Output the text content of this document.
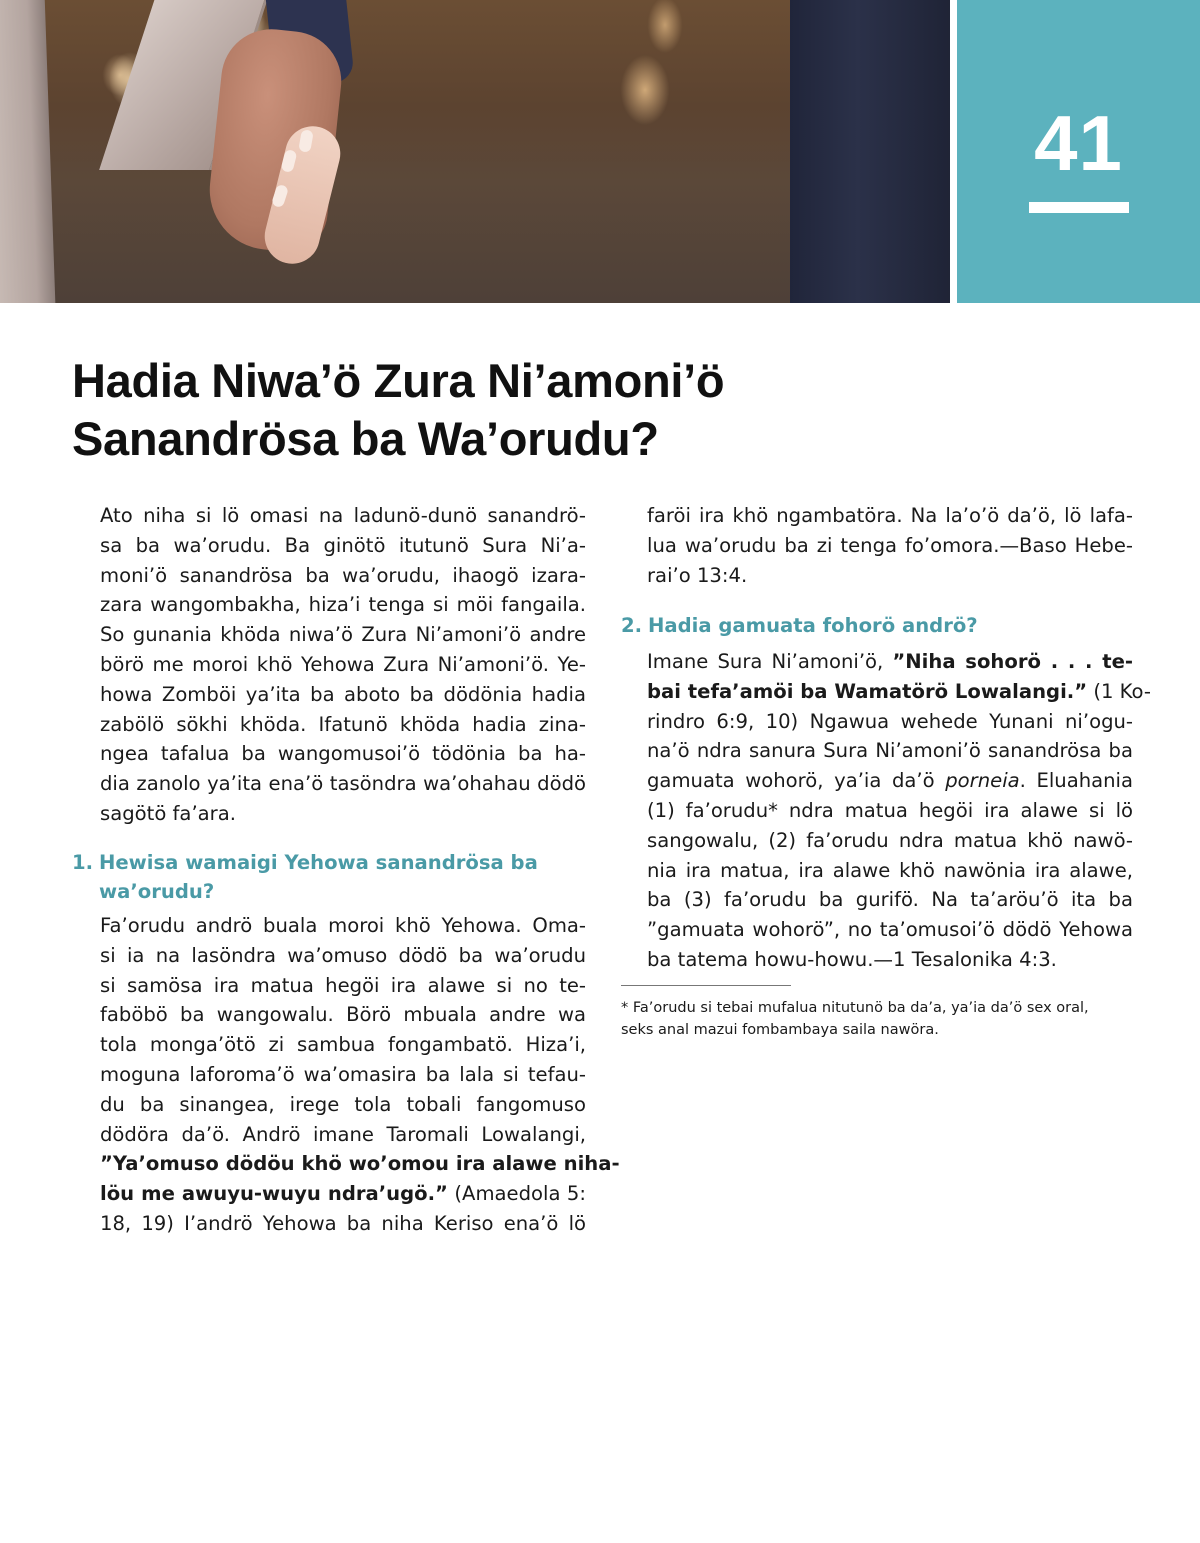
41
Hadia Niwa’ö Zura Ni’amoni’ö
Sanandrösa ba Wa’orudu?
Ato niha si lö omasi na ladunö-dunö sanandrö-
sa ba wa’orudu. Ba ginötö itutunö Sura Ni’a-
moni’ö sanandrösa ba wa’orudu, ihaogö izara-
zara wangombakha, hiza’i tenga si möi fangaila.
So gunania khöda niwa’ö Zura Ni’amoni’ö andre
börö me moroi khö Yehowa Zura Ni’amoni’ö. Ye-
howa Zomböi ya’ita ba aboto ba dödönia hadia
zabölö sökhi khöda. Ifatunö khöda hadia zina-
ngea tafalua ba wangomusoi’ö tödönia ba ha-
dia zanolo ya’ita ena’ö tasöndra wa’ohahau dödö
sagötö fa’ara.
1. Hewisa wamaigi Yehowa sanandrösa ba
wa’orudu?
Fa’orudu andrö buala moroi khö Yehowa. Oma-
si ia na lasöndra wa’omuso dödö ba wa’orudu
si samösa ira matua hegöi ira alawe si no te-
faböbö ba wangowalu. Börö mbuala andre wa
tola monga’ötö zi sambua fongambatö. Hiza’i,
moguna laforoma’ö wa’omasira ba lala si tefau-
du ba sinangea, irege tola tobali fangomuso
dödöra da’ö. Andrö imane Taromali Lowalangi,
”Ya’omuso dödöu khö wo’omou ira alawe niha-
löu me awuyu-wuyu ndra’ugö.” (Amaedola 5:
18, 19) I’andrö Yehowa ba niha Keriso ena’ö lö
faröi ira khö ngambatöra. Na la’o’ö da’ö, lö lafa-
lua wa’orudu ba zi tenga fo’omora.—Baso Hebe-
rai’o 13:4.
2. Hadia gamuata fohorö andrö?
Imane Sura Ni’amoni’ö, ”Niha sohorö . . . te-
bai tefa’amöi ba Wamatörö Lowalangi.” (1 Ko-
rindro 6:9, 10) Ngawua wehede Yunani ni’ogu-
na’ö ndra sanura Sura Ni’amoni’ö sanandrösa ba
gamuata wohorö, ya’ia da’ö porneia. Eluahania
(1) fa’orudu* ndra matua hegöi ira alawe si lö
sangowalu, (2) fa’orudu ndra matua khö nawö-
nia ira matua, ira alawe khö nawönia ira alawe,
ba (3) fa’orudu ba gurifö. Na ta’aröu’ö ita ba
”gamuata wohorö”, no ta’omusoi’ö dödö Yehowa
ba tatema howu-howu.—1 Tesalonika 4:3.
* Fa’orudu si tebai mufalua nitutunö ba da’a, ya’ia da’ö sex oral,
seks anal mazui fombambaya saila nawöra.
